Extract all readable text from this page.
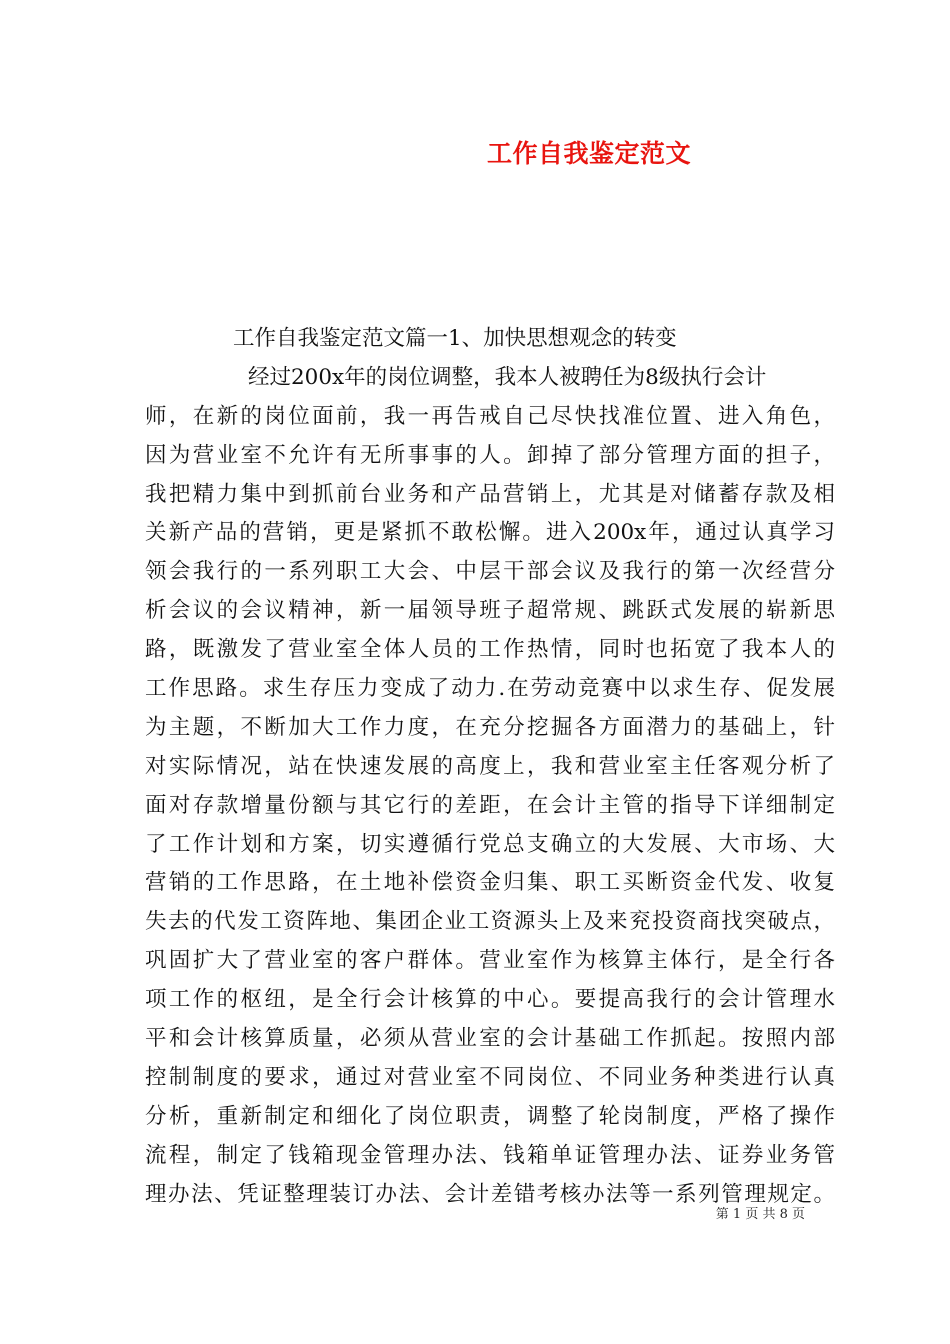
工作自我鉴定范文
工作自我鉴定范文篇一1、加快思想观念的转变
经过200x年的岗位调整，我本人被聘任为8级执行会计
师，在新的岗位面前，我一再告戒自己尽快找准位置、进入角色，
因为营业室不允许有无所事事的人。卸掉了部分管理方面的担子，
我把精力集中到抓前台业务和产品营销上，尤其是对储蓄存款及相
关新产品的营销，更是紧抓不敢松懈。进入200x年，通过认真学习
领会我行的一系列职工大会、中层干部会议及我行的第一次经营分
析会议的会议精神，新一届领导班子超常规、跳跃式发展的崭新思
路，既激发了营业室全体人员的工作热情，同时也拓宽了我本人的
工作思路。求生存压力变成了动力.在劳动竞赛中以求生存、促发展
为主题，不断加大工作力度，在充分挖掘各方面潜力的基础上，针
对实际情况，站在快速发展的高度上，我和营业室主任客观分析了
面对存款增量份额与其它行的差距，在会计主管的指导下详细制定
了工作计划和方案，切实遵循行党总支确立的大发展、大市场、大
营销的工作思路，在土地补偿资金归集、职工买断资金代发、收复
失去的代发工资阵地、集团企业工资源头上及来兖投资商找突破点，
巩固扩大了营业室的客户群体。营业室作为核算主体行，是全行各
项工作的枢纽，是全行会计核算的中心。要提高我行的会计管理水
平和会计核算质量，必须从营业室的会计基础工作抓起。按照内部
控制制度的要求，通过对营业室不同岗位、不同业务种类进行认真
分析，重新制定和细化了岗位职责，调整了轮岗制度，严格了操作
流程，制定了钱箱现金管理办法、钱箱单证管理办法、证券业务管
理办法、凭证整理装订办法、会计差错考核办法等一系列管理规定。
第 1 页 共 8 页
